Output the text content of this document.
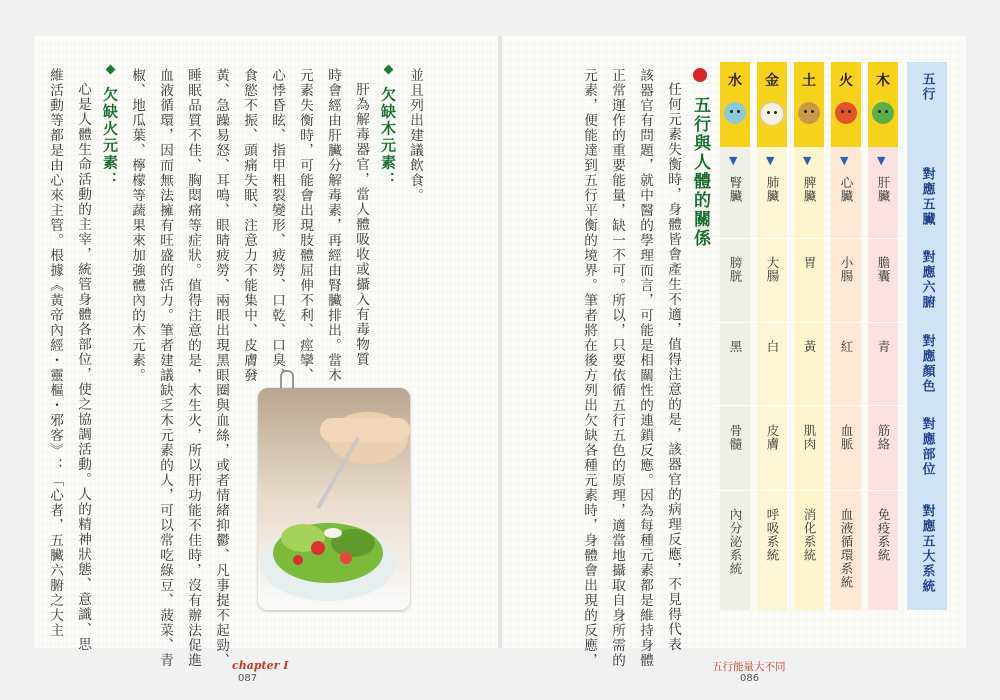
五行與人體的關係
任何元素失衡時，身體皆會產生不適，值得注意的是，該器官的病理反應，不見得代表
該器官有問題，就中醫的學理而言，可能是相關性的連鎖反應。因為每種元素都是維持身體
正常運作的重要能量，缺一不可。所以，只要依循五行五色的原理，適當地攝取自身所需的
元素，便能達到五行平衡的境界。筆者將在後方列出欠缺各種元素時，身體會出現的反應，	五行
對應五臟
對應六腑
對應顏色
對應部位
對應五大系統
木
▼
肝臟
膽囊
青
筋絡
免疫系統
火
▼
心臟
小腸
紅
血脈
血液循環系統
土
▼
脾臟
胃
黃
肌肉
消化系統
金
▼
肺臟
大腸
白
皮膚
呼吸系統
水
▼
腎臟
膀胱
黑
骨髓
內分泌系統
五行能量大不同
086
並且列出建議飲食。
欠缺木元素：
肝為解毒器官，當人體吸收或攝入有毒物質
時會經由肝臟分解毒素，再經由腎臟排出。當木
元素失衡時，可能會出現肢體屈伸不利、痙攣、
心悸昏眩、指甲粗裂變形、疲勞、口乾、口臭、
食慾不振、頭痛失眠、注意力不能集中、皮膚發
黃、急躁易怒、耳鳴、眼睛疲勞、兩眼出現黑眼圈與血絲，或者情緒抑鬱、凡事提不起勁、
睡眠品質不佳、胸悶痛等症狀。值得注意的是，木生火，所以肝功能不佳時，沒有辦法促進
血液循環，因而無法擁有旺盛的活力。筆者建議缺乏木元素的人，可以常吃綠豆、菠菜、青
椒、地瓜葉、檸檬等蔬果來加強體內的木元素。
欠缺火元素：
心是人體生命活動的主宰，統管身體各部位，使之協調活動。人的精神狀態、意識、思
維活動等都是由心來主管。根據《黃帝內經・靈樞・邪客》：「心者，五臟六腑之大主
chapter I
087
